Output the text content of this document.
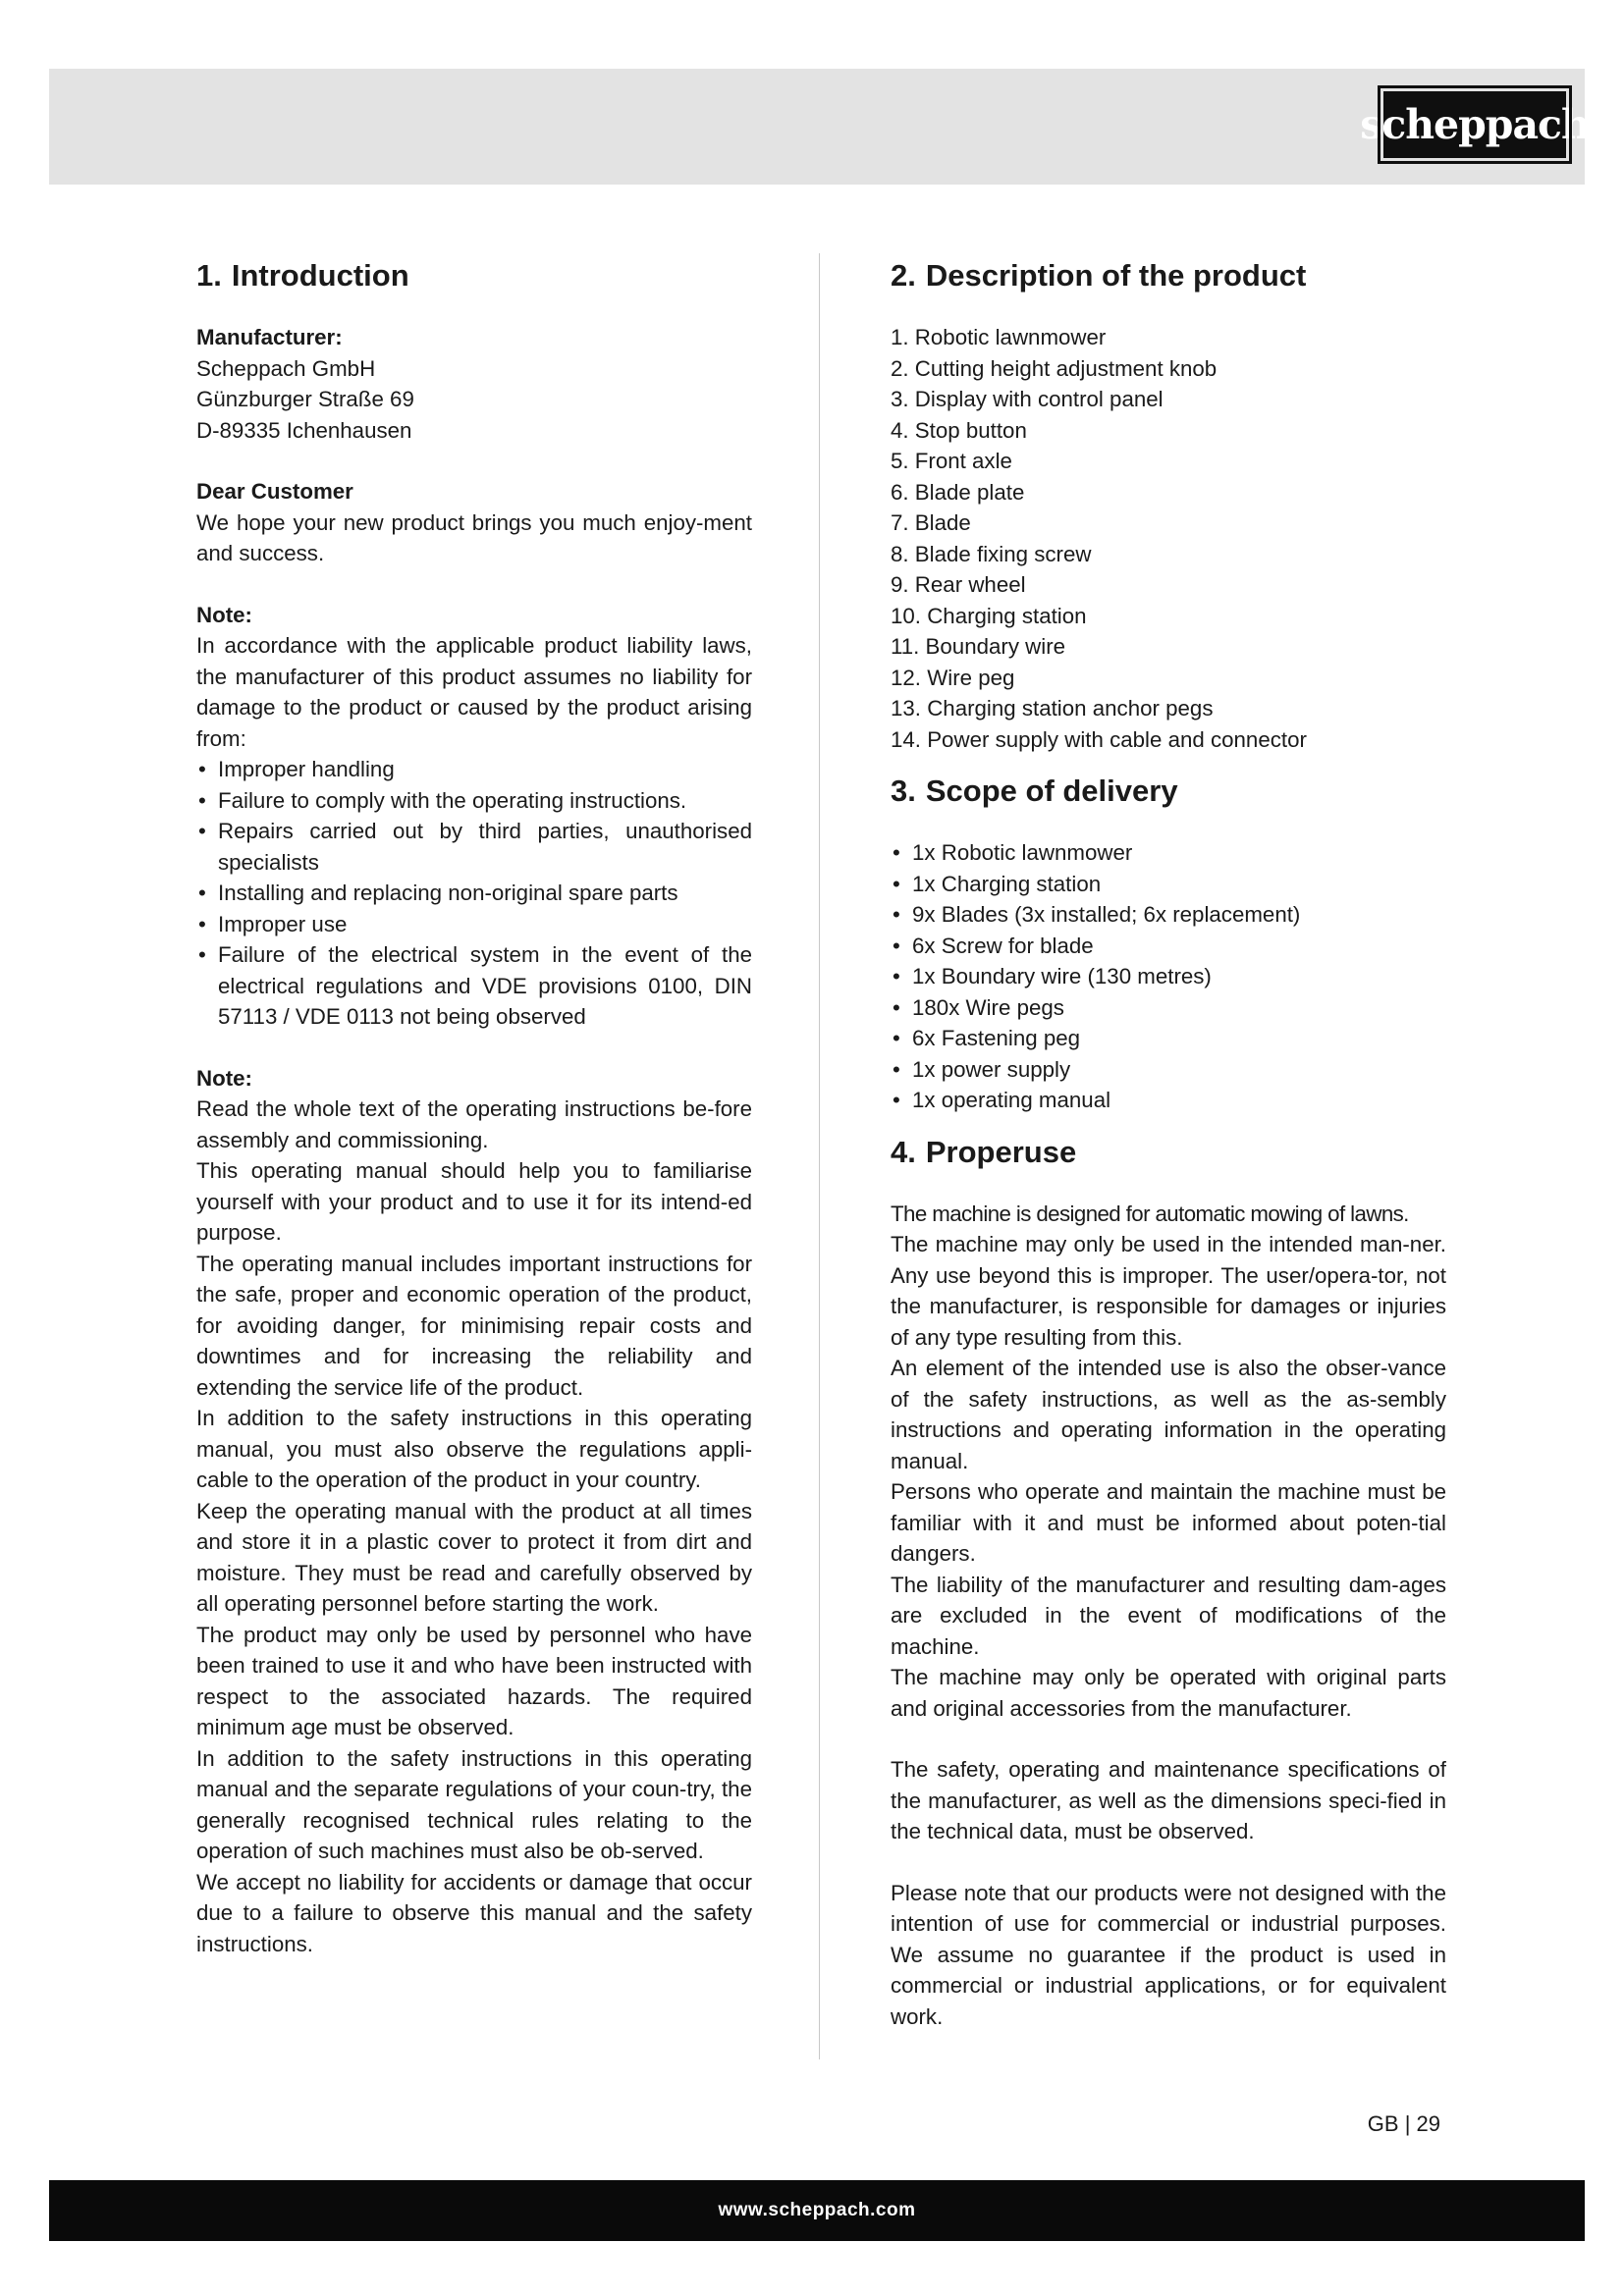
scheppach
1. Introduction

Manufacturer:

Scheppach GmbH

Günzburger Straße 69

D-89335 Ichenhausen

Dear Customer

We hope your new product brings you much enjoy-ment and success.

Note:

In accordance with the applicable product liability laws, the manufacturer of this product assumes no liability for damage to the product or caused by the product arising from:

• Improper handling
• Failure to comply with the operating instructions.
• Repairs carried out by third parties, unauthorised specialists
• Installing and replacing non-original spare parts
• Improper use
• Failure of the electrical system in the event of the electrical regulations and VDE provisions 0100, DIN 57113 / VDE 0113 not being observed

Note:

Read the whole text of the operating instructions be-fore assembly and commissioning.

This operating manual should help you to familiarise yourself with your product and to use it for its intend-ed purpose.

The operating manual includes important instructions for the safe, proper and economic operation of the product, for avoiding danger, for minimising repair costs and downtimes and for increasing the reliability and extending the service life of the product.

In addition to the safety instructions in this operating manual, you must also observe the regulations appli-cable to the operation of the product in your country.

Keep the operating manual with the product at all times and store it in a plastic cover to protect it from dirt and moisture. They must be read and carefully observed by all operating personnel before starting the work.

The product may only be used by personnel who have been trained to use it and who have been instructed with respect to the associated hazards. The required minimum age must be observed.

In addition to the safety instructions in this operating manual and the separate regulations of your coun-try, the generally recognised technical rules relating to the operation of such machines must also be ob-served.

We accept no liability for accidents or damage that occur due to a failure to observe this manual and the safety instructions.

2. Description of the product
1. Robotic lawnmower
2. Cutting height adjustment knob
3. Display with control panel
4. Stop button
5. Front axle
6. Blade plate
7. Blade
8. Blade fixing screw
9. Rear wheel
10. Charging station
11. Boundary wire
12. Wire peg
13. Charging station anchor pegs
14. Power supply with cable and connector
3. Scope of delivery
• 1x Robotic lawnmower
• 1x Charging station
• 9x Blades (3x installed; 6x replacement)
• 6x Screw for blade
• 1x Boundary wire (130 metres)
• 180x Wire pegs
• 6x Fastening peg
• 1x power supply
• 1x operating manual
4. Properuse

The machine is designed for automatic mowing of lawns.

The machine may only be used in the intended man-ner. Any use beyond this is improper. The user/opera-tor, not the manufacturer, is responsible for damages or injuries of any type resulting from this.

An element of the intended use is also the obser-vance of the safety instructions, as well as the as-sembly instructions and operating information in the operating manual.

Persons who operate and maintain the machine must be familiar with it and must be informed about poten-tial dangers.

The liability of the manufacturer and resulting dam-ages are excluded in the event of modifications of the machine.

The machine may only be operated with original parts and original accessories from the manufacturer.

The safety, operating and maintenance specifications of the manufacturer, as well as the dimensions speci-fied in the technical data, must be observed.

Please note that our products were not designed with the intention of use for commercial or industrial purposes. We assume no guarantee if the product is used in commercial or industrial applications, or for equivalent work.

GB | 29
www.scheppach.com
